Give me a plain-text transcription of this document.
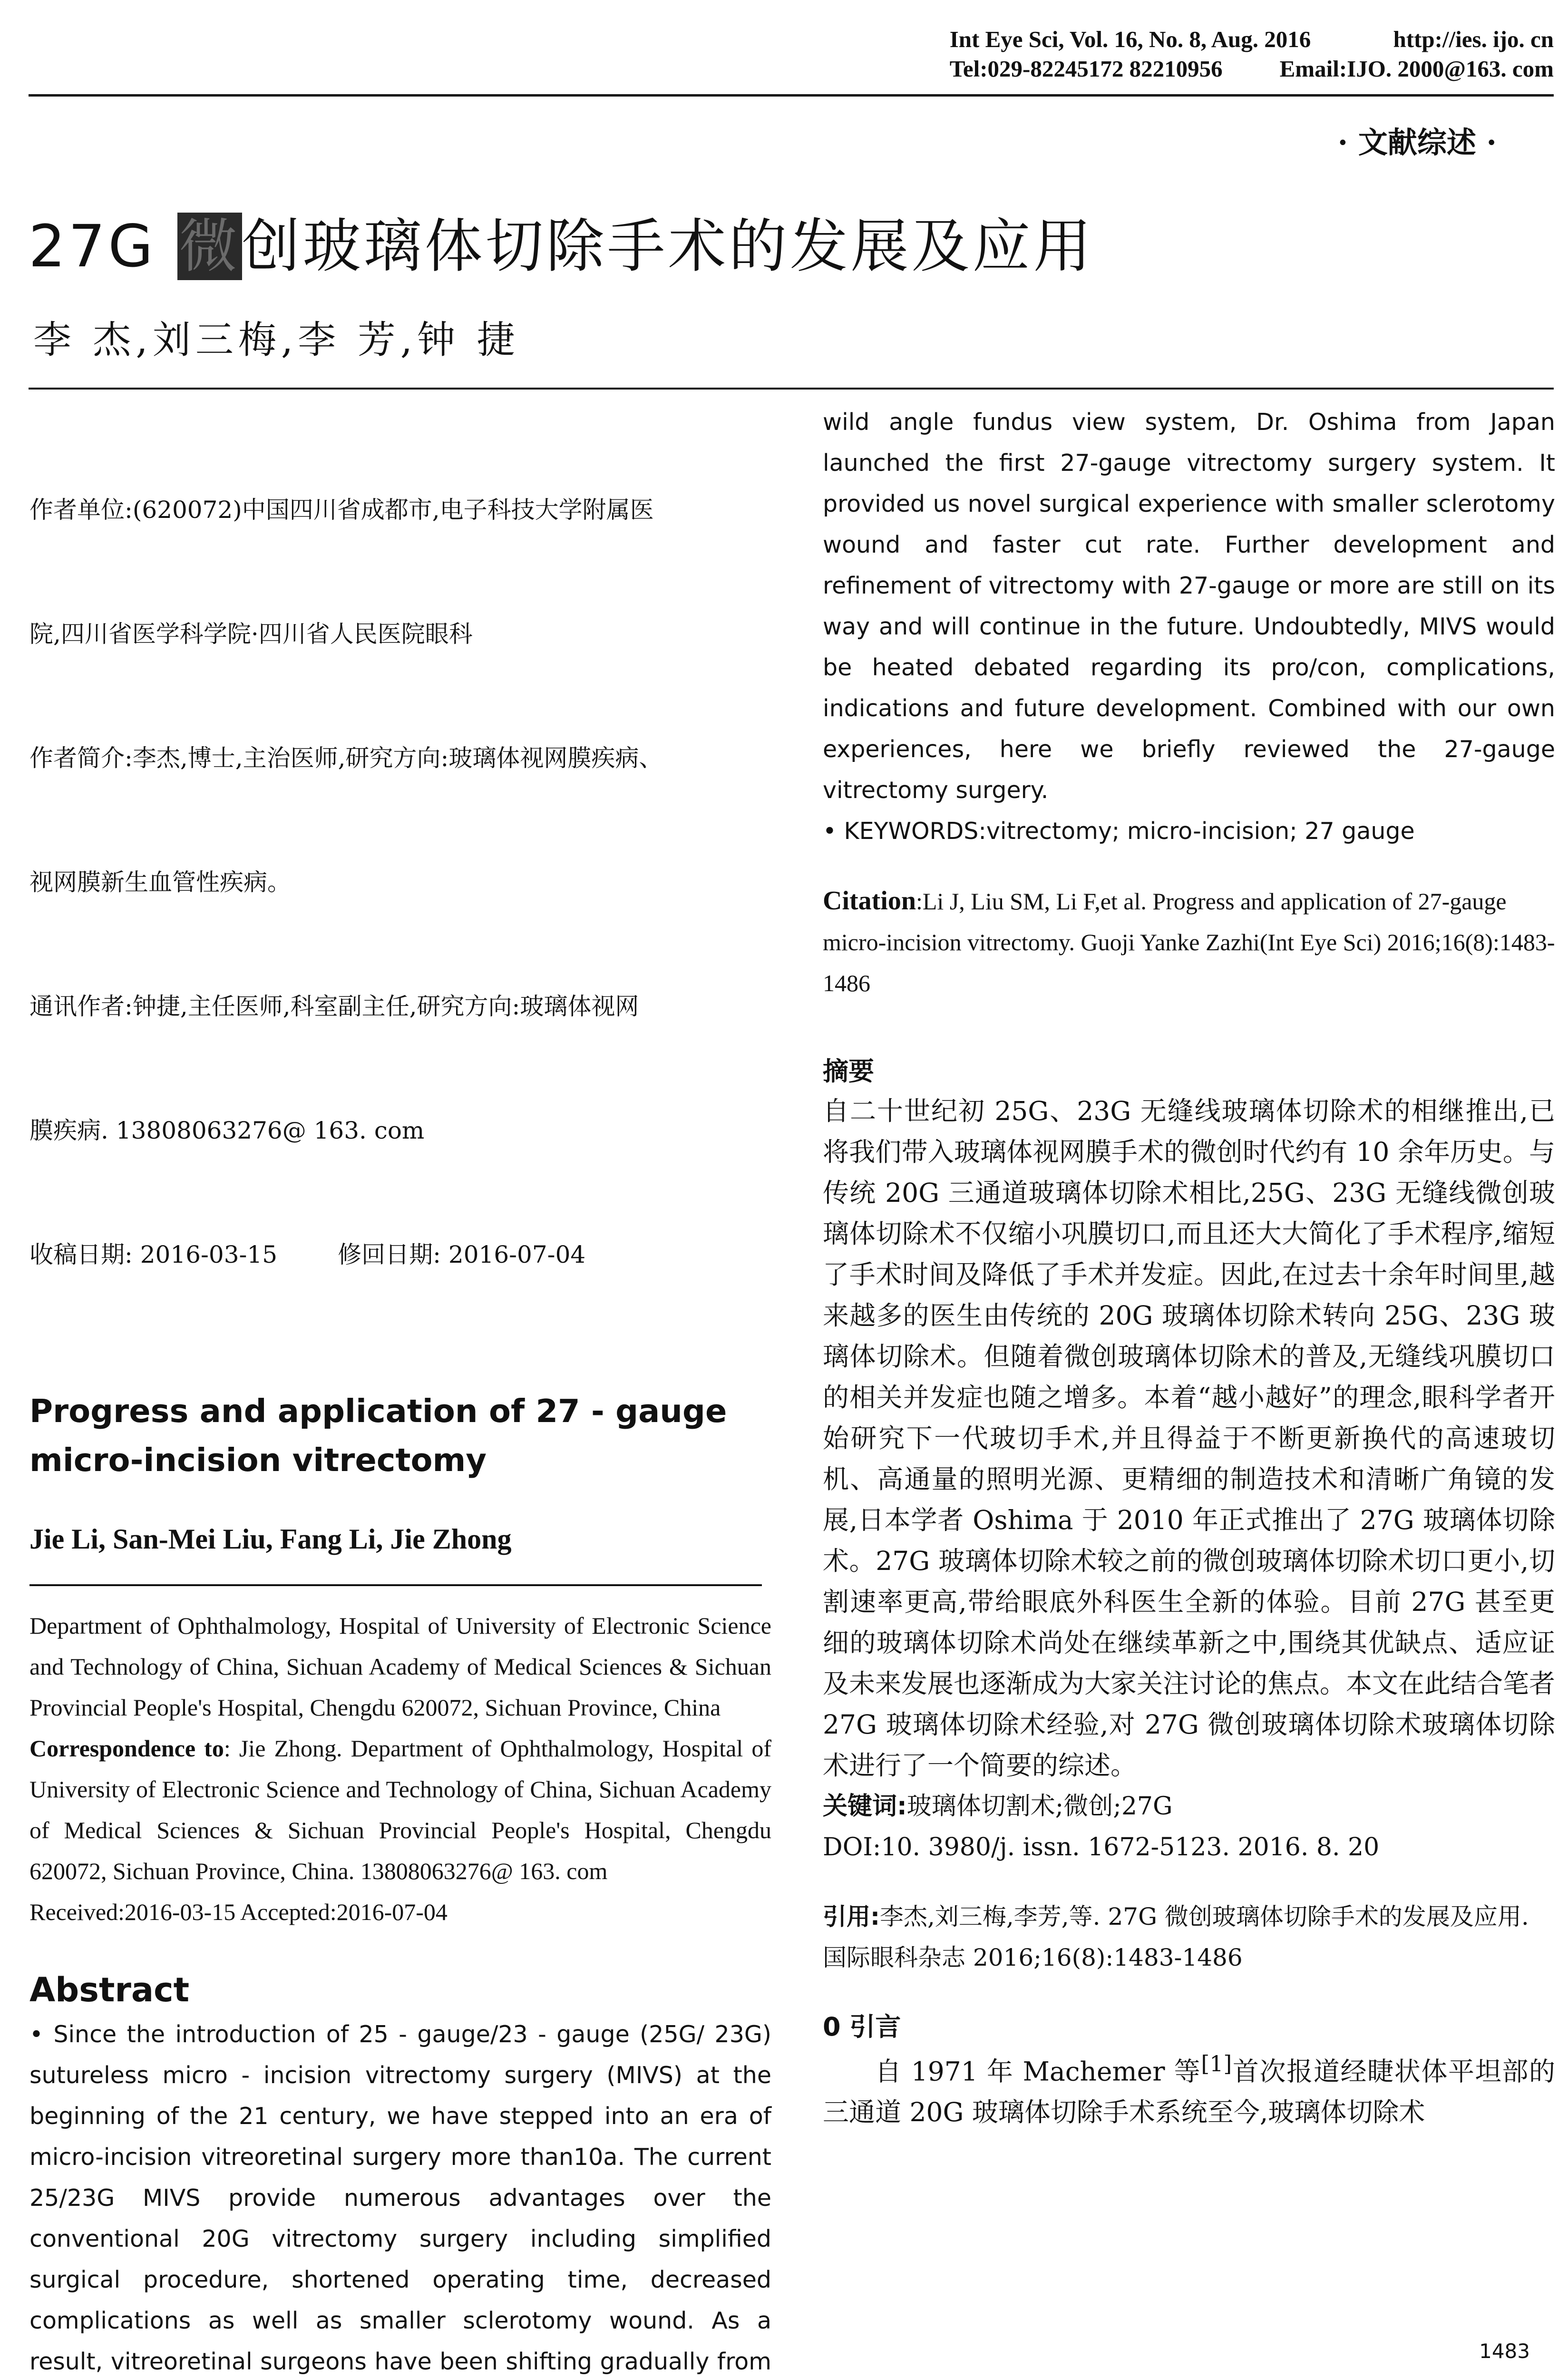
Int Eye Sci, Vol. 16, No. 8, Aug. 2016	http://ies. ijo. cn
Tel:029-82245172 82210956 Email:IJO. 2000@163. com
· 文献综述 ·
27G 微创玻璃体切除手术的发展及应用
李 杰,刘三梅,李 芳,钟 捷

作者单位:(620072)中国四川省成都市,电子科技大学附属医

院,四川省医学科学院·四川省人民医院眼科

作者简介:李杰,博士,主治医师,研究方向:玻璃体视网膜疾病、

视网膜新生血管性疾病。

通讯作者:钟捷,主任医师,科室副主任,研究方向:玻璃体视网

膜疾病. 13808063276@ 163. com

收稿日期: 2016-03-15        修回日期: 2016-07-04

Progress and application of 27 - gauge micro-incision vitrectomy
Jie Li, San-Mei Liu, Fang Li, Jie Zhong
Department of Ophthalmology, Hospital of University of Electronic Science and Technology of China, Sichuan Academy of Medical Sciences & Sichuan Provincial People's Hospital, Chengdu 620072, Sichuan Province, China
Correspondence to: Jie Zhong. Department of Ophthalmology, Hospital of University of Electronic Science and Technology of China, Sichuan Academy of Medical Sciences & Sichuan Provincial People's Hospital, Chengdu 620072, Sichuan Province, China. 13808063276@ 163. com
Received:2016-03-15 Accepted:2016-07-04
Abstract
• Since the introduction of 25 - gauge/23 - gauge (25G/ 23G) sutureless micro - incision vitrectomy surgery (MIVS) at the beginning of the 21 century, we have stepped into an era of micro-incision vitreoretinal surgery more than10a. The current 25/23G MIVS provide numerous advantages over the conventional 20G vitrectomy surgery including simplified surgical procedure, shortened operating time, decreased complications as well as smaller sclerotomy wound. As a result, vitreoretinal surgeons have been shifting gradually from
wild angle fundus view system, Dr. Oshima from Japan launched the first 27-gauge vitrectomy surgery system. It provided us novel surgical experience with smaller sclerotomy wound and faster cut rate. Further development and refinement of vitrectomy with 27-gauge or more are still on its way and will continue in the future. Undoubtedly, MIVS would be heated debated regarding its pro/con, complications, indications and future development. Combined with our own experiences, here we briefly reviewed the 27-gauge vitrectomy surgery.
• KEYWORDS:vitrectomy; micro-incision; 27 gauge
Citation:Li J, Liu SM, Li F,et al. Progress and application of 27-gauge micro-incision vitrectomy. Guoji Yanke Zazhi(Int Eye Sci) 2016;16(8):1483-1486
摘要
自二十世纪初 25G、23G 无缝线玻璃体切除术的相继推出,已将我们带入玻璃体视网膜手术的微创时代约有 10 余年历史。与传统 20G 三通道玻璃体切除术相比,25G、23G 无缝线微创玻璃体切除术不仅缩小巩膜切口,而且还大大简化了手术程序,缩短了手术时间及降低了手术并发症。因此,在过去十余年时间里,越来越多的医生由传统的 20G 玻璃体切除术转向 25G、23G 玻璃体切除术。但随着微创玻璃体切除术的普及,无缝线巩膜切口的相关并发症也随之增多。本着“越小越好”的理念,眼科学者开始研究下一代玻切手术,并且得益于不断更新换代的高速玻切机、高通量的照明光源、更精细的制造技术和清晰广角镜的发展,日本学者 Oshima 于 2010 年正式推出了 27G 玻璃体切除术。27G 玻璃体切除术较之前的微创玻璃体切除术切口更小,切割速率更高,带给眼底外科医生全新的体验。目前 27G 甚至更细的玻璃体切除术尚处在继续革新之中,围绕其优缺点、适应证及未来发展也逐渐成为大家关注讨论的焦点。本文在此结合笔者 27G 玻璃体切除术经验,对 27G 微创玻璃体切除术玻璃体切除术进行了一个简要的综述。
关键词:玻璃体切割术;微创;27G
DOI:10. 3980/j. issn. 1672-5123. 2016. 8. 20
引用:李杰,刘三梅,李芳,等. 27G 微创玻璃体切除手术的发展及应用. 国际眼科杂志 2016;16(8):1483-1486
0 引言
自 1971 年 Machemer 等[1]首次报道经睫状体平坦部的三通道 20G 玻璃体切除手术系统至今,玻璃体切除术
1483
